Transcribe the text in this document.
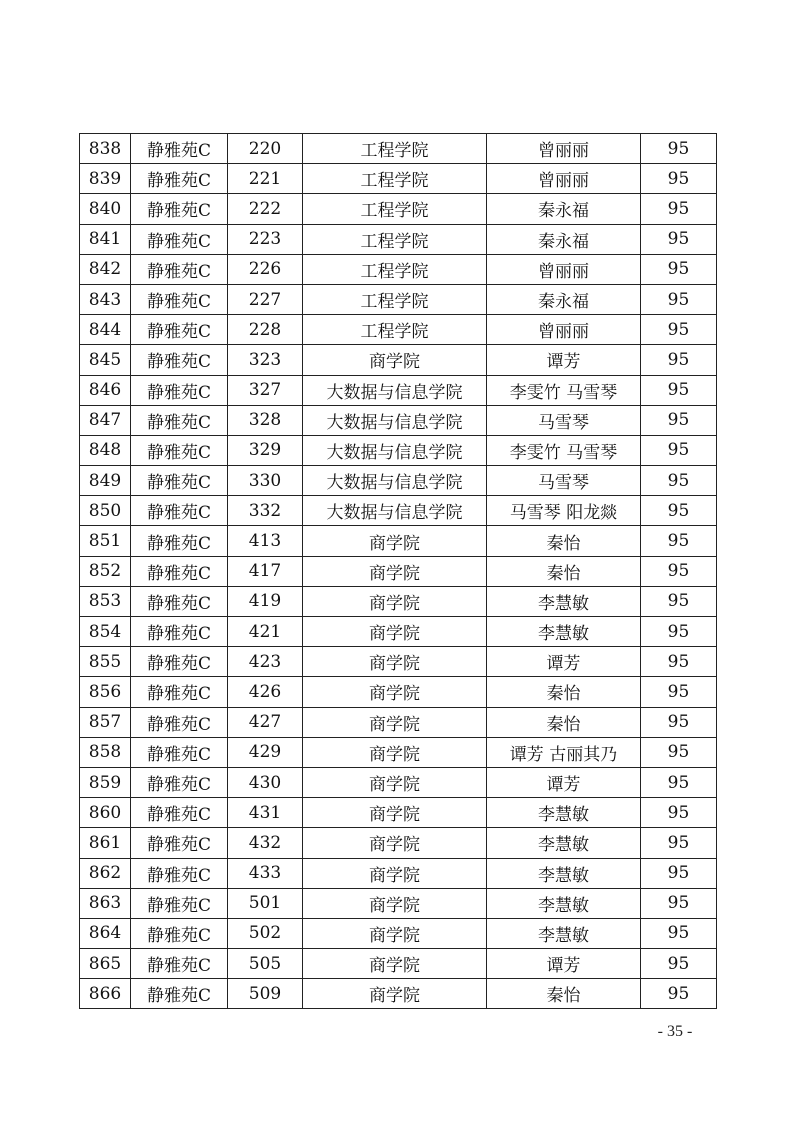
838	静雅苑C	220	工程学院	曾丽丽	95
839	静雅苑C	221	工程学院	曾丽丽	95
840	静雅苑C	222	工程学院	秦永福	95
841	静雅苑C	223	工程学院	秦永福	95
842	静雅苑C	226	工程学院	曾丽丽	95
843	静雅苑C	227	工程学院	秦永福	95
844	静雅苑C	228	工程学院	曾丽丽	95
845	静雅苑C	323	商学院	谭芳	95
846	静雅苑C	327	大数据与信息学院	李雯竹 马雪琴	95
847	静雅苑C	328	大数据与信息学院	马雪琴	95
848	静雅苑C	329	大数据与信息学院	李雯竹 马雪琴	95
849	静雅苑C	330	大数据与信息学院	马雪琴	95
850	静雅苑C	332	大数据与信息学院	马雪琴 阳龙燚	95
851	静雅苑C	413	商学院	秦怡	95
852	静雅苑C	417	商学院	秦怡	95
853	静雅苑C	419	商学院	李慧敏	95
854	静雅苑C	421	商学院	李慧敏	95
855	静雅苑C	423	商学院	谭芳	95
856	静雅苑C	426	商学院	秦怡	95
857	静雅苑C	427	商学院	秦怡	95
858	静雅苑C	429	商学院	谭芳 古丽其乃	95
859	静雅苑C	430	商学院	谭芳	95
860	静雅苑C	431	商学院	李慧敏	95
861	静雅苑C	432	商学院	李慧敏	95
862	静雅苑C	433	商学院	李慧敏	95
863	静雅苑C	501	商学院	李慧敏	95
864	静雅苑C	502	商学院	李慧敏	95
865	静雅苑C	505	商学院	谭芳	95
866	静雅苑C	509	商学院	秦怡	95
- 35 -
